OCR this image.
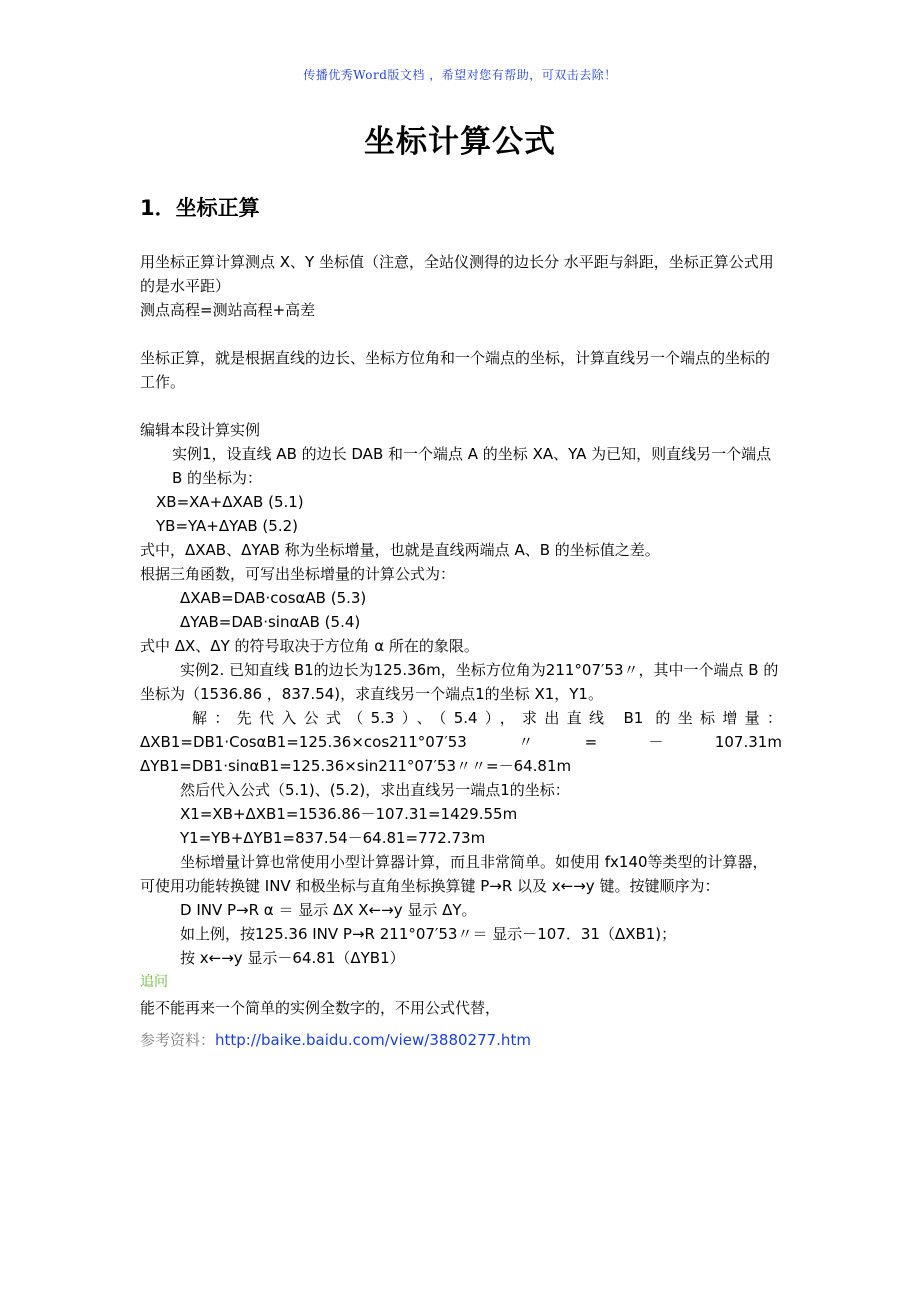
传播优秀Word版文档 ，希望对您有帮助，可双击去除！
坐标计算公式
1．坐标正算

用坐标正算计算测点 X、Y 坐标值（注意，全站仪测得的边长分 水平距与斜距，坐标正算公式用的是水平距）

测点高程=测站高程+高差

坐标正算，就是根据直线的边长、坐标方位角和一个端点的坐标，计算直线另一个端点的坐标的工作。

编辑本段计算实例

实例1，设直线 AB 的边长 DAB 和一个端点 A 的坐标 XA、YA 为已知，则直线另一个端点 B 的坐标为：

XB=XA+ΔXAB (5.1)

YB=YA+ΔYAB (5.2)

式中，ΔXAB、ΔYAB 称为坐标增量，也就是直线两端点 A、B 的坐标值之差。

根据三角函数，可写出坐标增量的计算公式为：

ΔXAB=DAB·cosαAB (5.3)

ΔYAB=DAB·sinαAB (5.4)

式中 ΔX、ΔY 的符号取决于方位角 α 所在的象限。

实例2. 已知直线 B1的边长为125.36m，坐标方位角为211°07′53〃，其中一个端点 B 的坐标为（1536.86 ，837.54)，求直线另一个端点1的坐标 X1，Y1。

解：先代入公式（5.3）、（5.4），求出直线 B1 的坐标增量：

ΔXB1=DB1·CosαB1=125.36×cos211°07′53	〃	=	－	107.31m

ΔYB1=DB1·sinαB1=125.36×sin211°07′53〃〃=－64.81m

然后代入公式（5.1)、(5.2)，求出直线另一端点1的坐标：

X1=XB+ΔXB1=1536.86－107.31=1429.55m

Y1=YB+ΔYB1=837.54－64.81=772.73m

坐标增量计算也常使用小型计算器计算，而且非常简单。如使用 fx140等类型的计算器，可使用功能转换键 INV 和极坐标与直角坐标换算键 P→R 以及 x←→y 键。按键顺序为：

D INV P→R α ＝ 显示 ΔX X←→y 显示 ΔY。

如上例，按125.36 INV P→R 211°07′53〃＝ 显示－107．31（ΔXB1)；

按 x←→y 显示－64.81（ΔYB1）

追问

能不能再来一个简单的实例全数字的，不用公式代替，

参考资料：http://baike.baidu.com/view/3880277.htm
